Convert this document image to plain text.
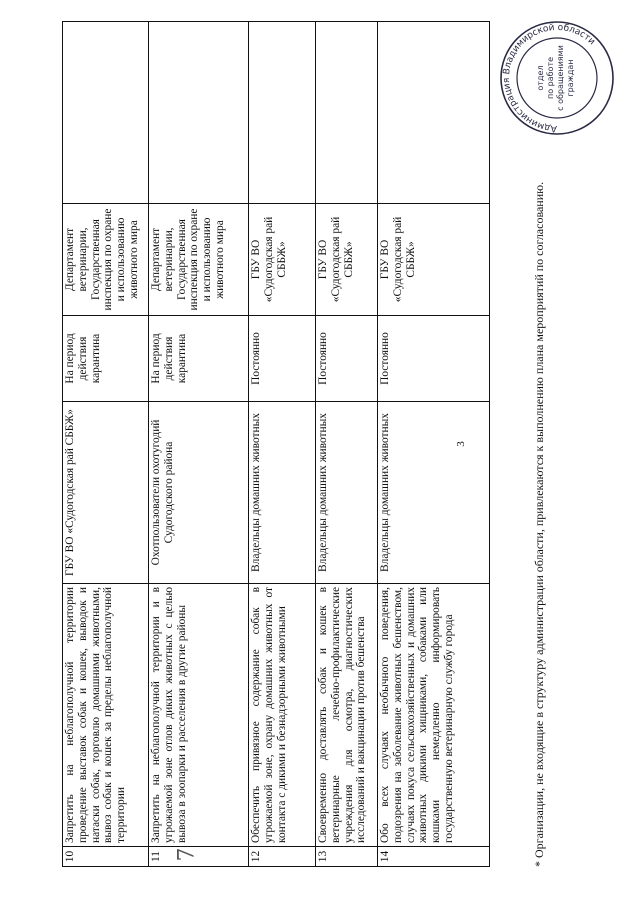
3
7
10	Запретить на неблагополучной территории проведение выставок собак и кошек, выводок и натаски собак, торговлю домашними животными, вывоз собак и кошек за пределы неблагополучной территории	ГБУ ВО «Судогодская рай СББЖ»	На период действия карантина	Департамент ветеринарии, Государственная инспекция по охране и использованию животного мира	
11	Запретить на неблагополучной территории и в угрожаемой зоне отлов диких животных с целью вывоза в зоопарки и расселения в другие районы	Охотпользователи охотугодий Судогодского района	На период действия карантина	Департамент ветеринарии, Государственная инспекция по охране и использованию животного мира	
12	Обеспечить привязное содержание собак в угрожаемой зоне, охрану домашних животных от контакта с дикими и безнадзорными животными	Владельцы домашних животных	Постоянно	ГБУ ВО «Судогодская рай СББЖ»	
13	Своевременно доставлять собак и кошек в ветеринарные лечебно-профилактические учреждения для осмотра, диагностических исследований и вакцинации против бешенства	Владельцы домашних животных	Постоянно	ГБУ ВО «Судогодская рай СББЖ»	
14	Обо всех случаях необычного поведения, подозрения на заболевание животных бешенством, случаях покуса сельскохозяйственных и домашних животных дикими хищниками, собаками или кошками немедленно информировать государственную ветеринарную службу города	Владельцы домашних животных	Постоянно	ГБУ ВО «Судогодская рай СББЖ»		* Организации, не входящие в структуру администрации области, привлекаются к выполнению плана мероприятий по согласованию.
Администрация Владимирской области
отдел по работе с обращениями граждан
